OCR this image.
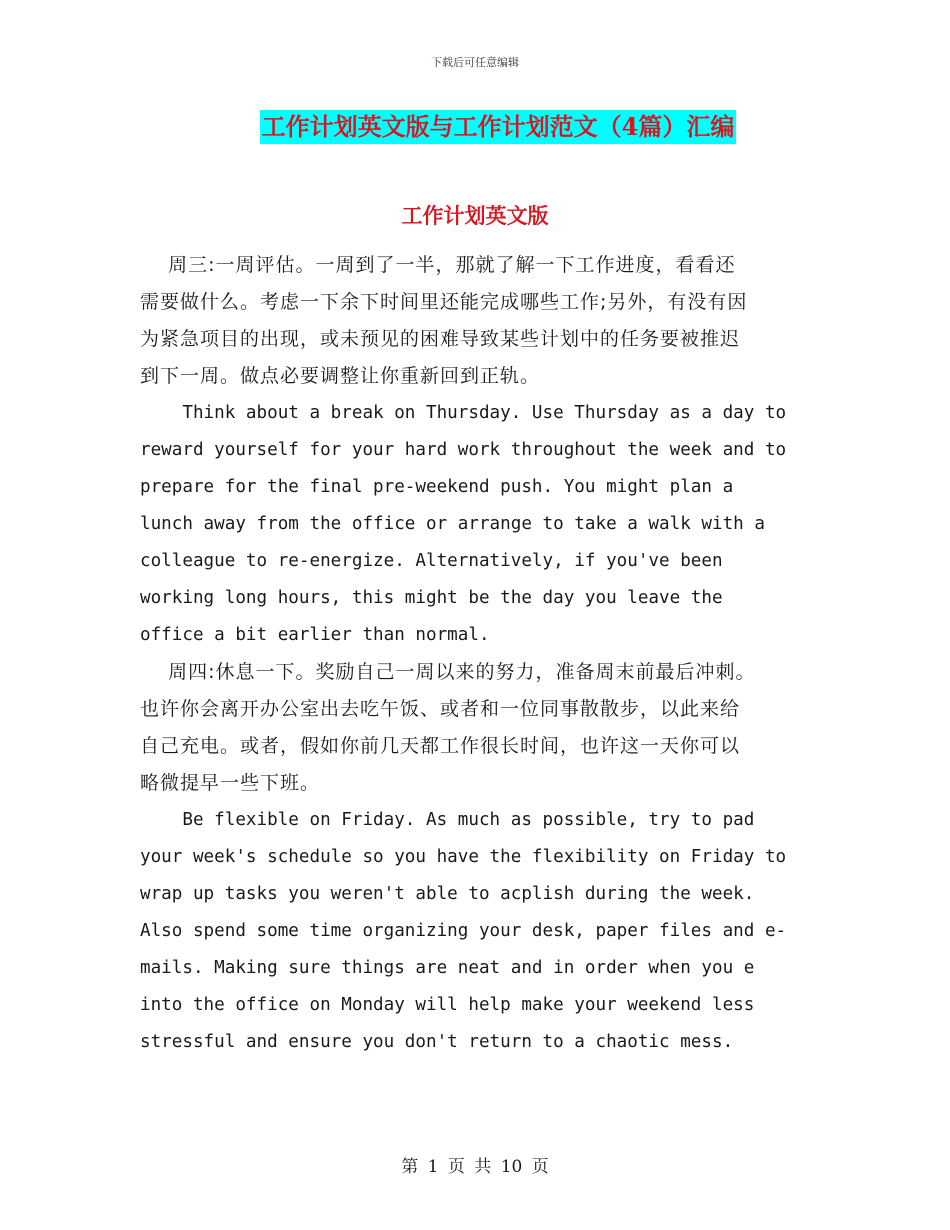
下载后可任意编辑
工作计划英文版与工作计划范文（4篇）汇编
工作计划英文版
周三:一周评估。一周到了一半，那就了解一下工作进度，看看还
需要做什么。考虑一下余下时间里还能完成哪些工作;另外，有没有因
为紧急项目的出现，或未预见的困难导致某些计划中的任务要被推迟
到下一周。做点必要调整让你重新回到正轨。
Think about a break on Thursday. Use Thursday as a day to
reward yourself for your hard work throughout the week and to
prepare for the final pre-weekend push. You might plan a
lunch away from the office or arrange to take a walk with a
colleague to re-energize. Alternatively, if you've been
working long hours, this might be the day you leave the
office a bit earlier than normal.
周四:休息一下。奖励自己一周以来的努力，准备周末前最后冲刺。
也许你会离开办公室出去吃午饭、或者和一位同事散散步，以此来给
自己充电。或者，假如你前几天都工作很长时间，也许这一天你可以
略微提早一些下班。
Be flexible on Friday. As much as possible, try to pad
your week's schedule so you have the flexibility on Friday to
wrap up tasks you weren't able to acplish during the week.
Also spend some time organizing your desk, paper files and e-
mails. Making sure things are neat and in order when you e
into the office on Monday will help make your weekend less
stressful and ensure you don't return to a chaotic mess.
第 1 页 共 10 页
